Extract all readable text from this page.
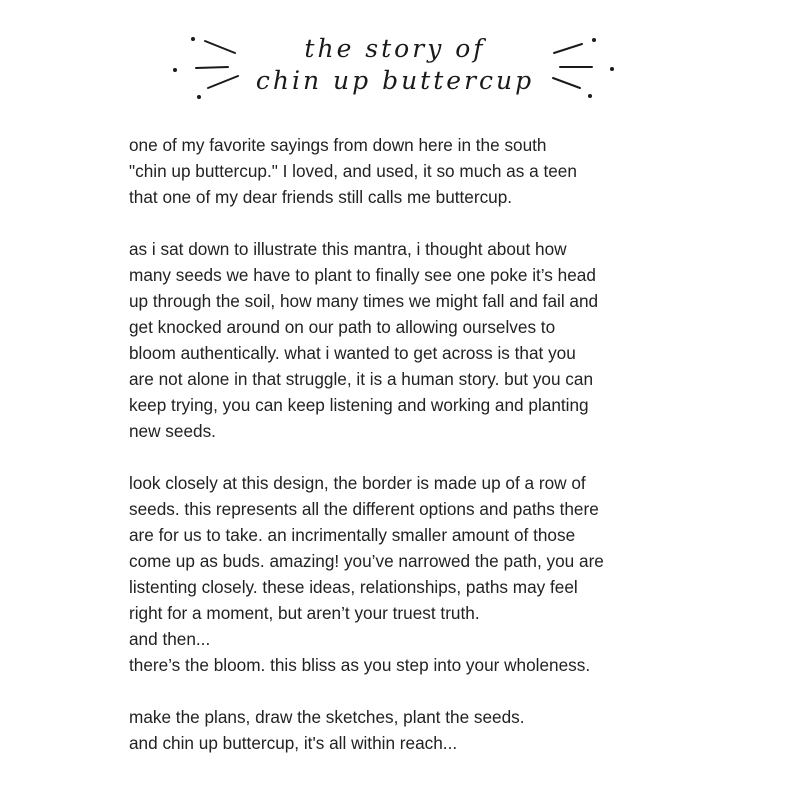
the story of
chin up buttercup
one of my favorite sayings from down here in the south
"chin up buttercup." I loved, and used, it so much as a teen
that one of my dear friends still calls me buttercup.
as i sat down to illustrate this mantra, i thought about how
many seeds we have to plant to finally see one poke it’s head
up through the soil, how many times we might fall and fail and
get knocked around on our path to allowing ourselves to
bloom authentically. what i wanted to get across is that you
are not alone in that struggle, it is a human story. but you can
keep trying, you can keep listening and working and planting
new seeds.
look closely at this design, the border is made up of a row of
seeds. this represents all the different options and paths there
are for us to take. an incrimentally smaller amount of those
come up as buds. amazing! you’ve narrowed the path, you are
listenting closely. these ideas, relationships, paths may feel
right for a moment, but aren’t your truest truth.
and then...
there’s the bloom. this bliss as you step into your wholeness.
make the plans, draw the sketches, plant the seeds.
and chin up buttercup, it's all within reach...
